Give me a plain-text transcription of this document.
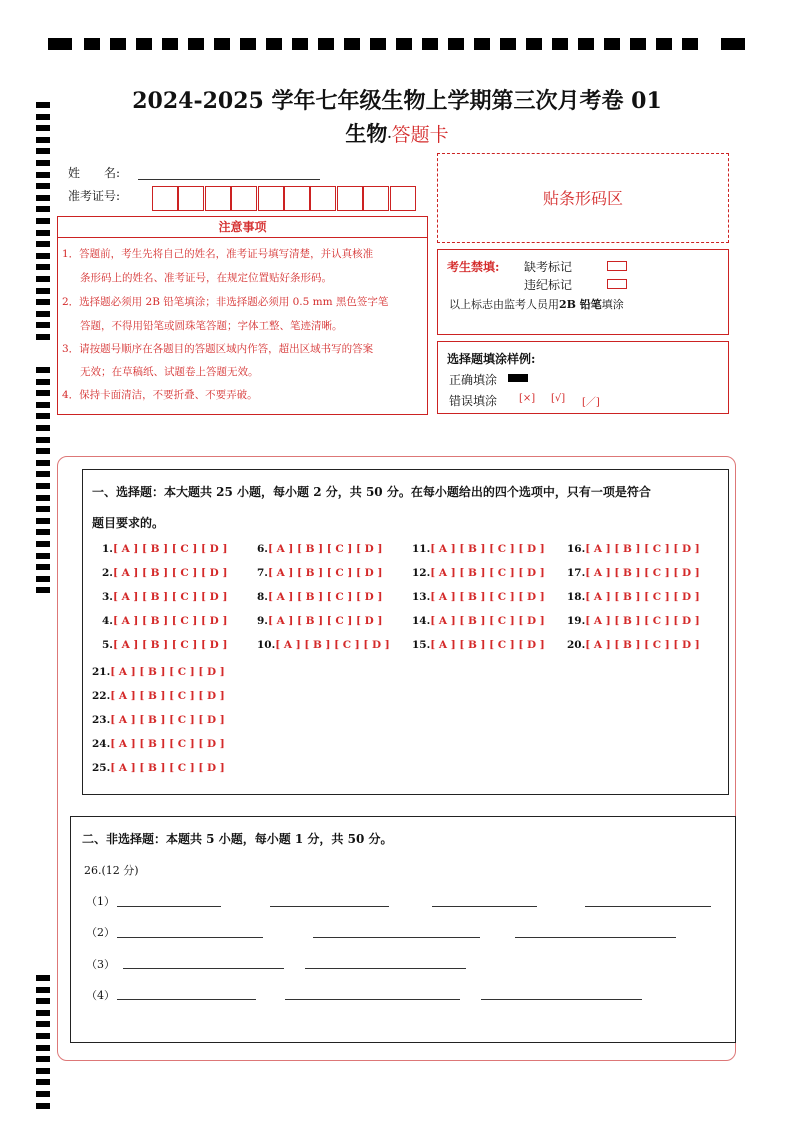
2024-2025 学年七年级生物上学期第三次月考卷 01
生物·答题卡
姓　　名:
准考证号:	贴条形码区
注意事项
1．答题前，考生先将自己的姓名，准考证号填写清楚，并认真核准
条形码上的姓名、准考证号，在规定位置贴好条形码。
2．选择题必须用 2B 铅笔填涂；非选择题必须用 0.5 mm 黑色签字笔
答题，不得用铅笔或圆珠笔答题；字体工整、笔迹清晰。
3．请按题号顺序在各题目的答题区域内作答，超出区域书写的答案
无效；在草稿纸、试题卷上答题无效。
4．保持卡面清洁，不要折叠、不要弄破。
考生禁填: 缺考标记
违纪标记
以上标志由监考人员用2B 铅笔填涂
选择题填涂样例:
正确填涂
错误填涂 [×] [√] [／]
一、选择题：本大题共 25 小题，每小题 2 分，共 50 分。在每小题给出的四个选项中，只有一项是符合
题目要求的。
1.[ A ] [ B ] [ C ] [ D ]
2.[ A ] [ B ] [ C ] [ D ]
3.[ A ] [ B ] [ C ] [ D ]
4.[ A ] [ B ] [ C ] [ D ]
5.[ A ] [ B ] [ C ] [ D ]
6.[ A ] [ B ] [ C ] [ D ]
7.[ A ] [ B ] [ C ] [ D ]
8.[ A ] [ B ] [ C ] [ D ]
9.[ A ] [ B ] [ C ] [ D ]
10.[ A ] [ B ] [ C ] [ D ]
11.[ A ] [ B ] [ C ] [ D ]
12.[ A ] [ B ] [ C ] [ D ]
13.[ A ] [ B ] [ C ] [ D ]
14.[ A ] [ B ] [ C ] [ D ]
15.[ A ] [ B ] [ C ] [ D ]
16.[ A ] [ B ] [ C ] [ D ]
17.[ A ] [ B ] [ C ] [ D ]
18.[ A ] [ B ] [ C ] [ D ]
19.[ A ] [ B ] [ C ] [ D ]
20.[ A ] [ B ] [ C ] [ D ]
21.[ A ] [ B ] [ C ] [ D ]
22.[ A ] [ B ] [ C ] [ D ]
23.[ A ] [ B ] [ C ] [ D ]
24.[ A ] [ B ] [ C ] [ D ]
25.[ A ] [ B ] [ C ] [ D ]
二、非选择题：本题共 5 小题，每小题 1 分，共 50 分。
26.(12 分)
（1）
（2）
（3）
（4）
